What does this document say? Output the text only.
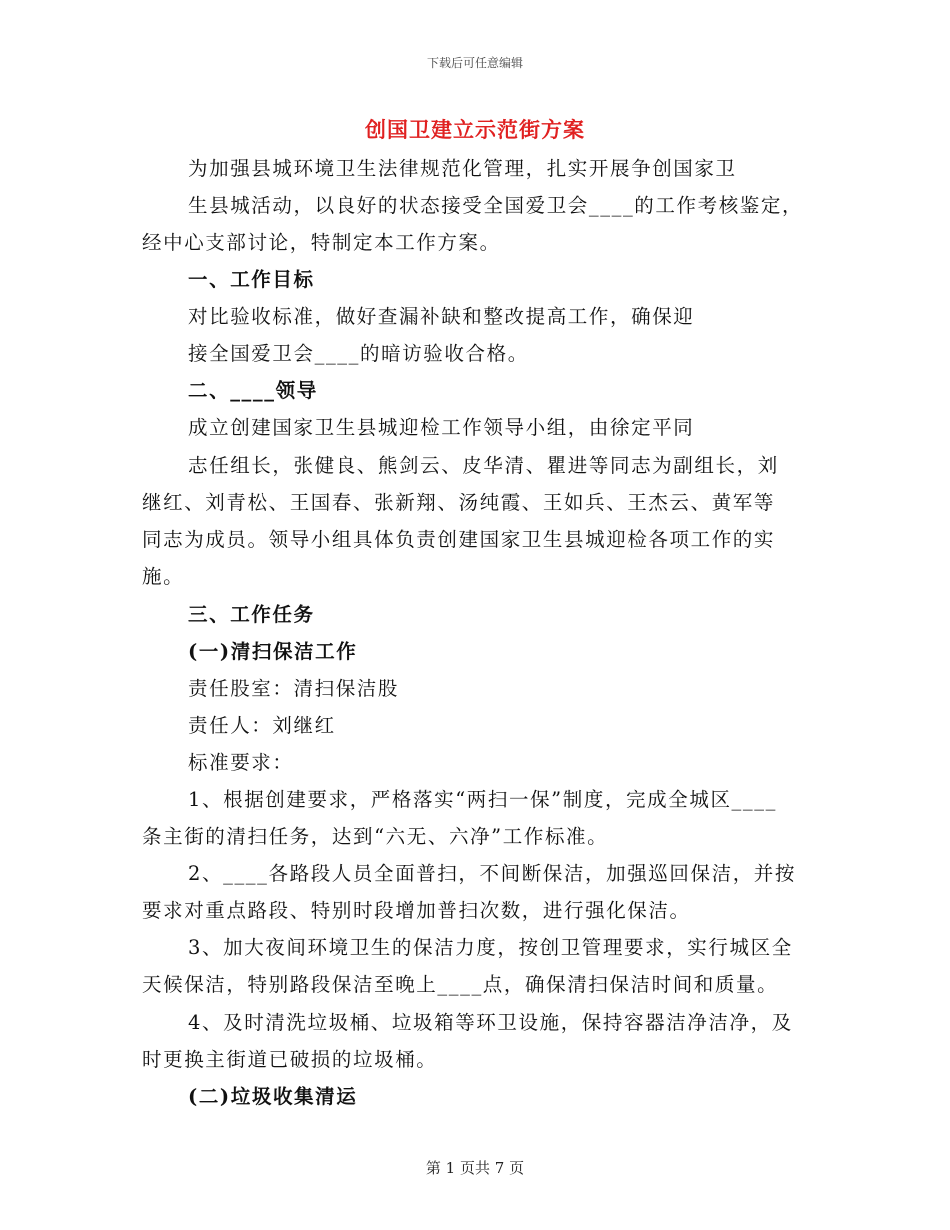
下载后可任意编辑
创国卫建立示范街方案
为加强县城环境卫生法律规范化管理，扎实开展争创国家卫
生县城活动，以良好的状态接受全国爱卫会____的工作考核鉴定，
经中心支部讨论，特制定本工作方案。
一、工作目标
对比验收标准，做好查漏补缺和整改提高工作，确保迎
接全国爱卫会____的暗访验收合格。
二、____领导
成立创建国家卫生县城迎检工作领导小组，由徐定平同
志任组长，张健良、熊剑云、皮华清、瞿进等同志为副组长，刘
继红、刘青松、王国春、张新翔、汤纯霞、王如兵、王杰云、黄军等
同志为成员。领导小组具体负责创建国家卫生县城迎检各项工作的实
施。
三、工作任务
(一)清扫保洁工作
责任股室：清扫保洁股
责任人：刘继红
标准要求：
1、根据创建要求，严格落实“两扫一保”制度，完成全城区____
条主街的清扫任务，达到“六无、六净”工作标准。
2、____各路段人员全面普扫，不间断保洁，加强巡回保洁，并按
要求对重点路段、特别时段增加普扫次数，进行强化保洁。
3、加大夜间环境卫生的保洁力度，按创卫管理要求，实行城区全
天候保洁，特别路段保洁至晚上____点，确保清扫保洁时间和质量。
4、及时清洗垃圾桶、垃圾箱等环卫设施，保持容器洁净洁净，及
时更换主街道已破损的垃圾桶。
(二)垃圾收集清运
第 1 页共 7 页
